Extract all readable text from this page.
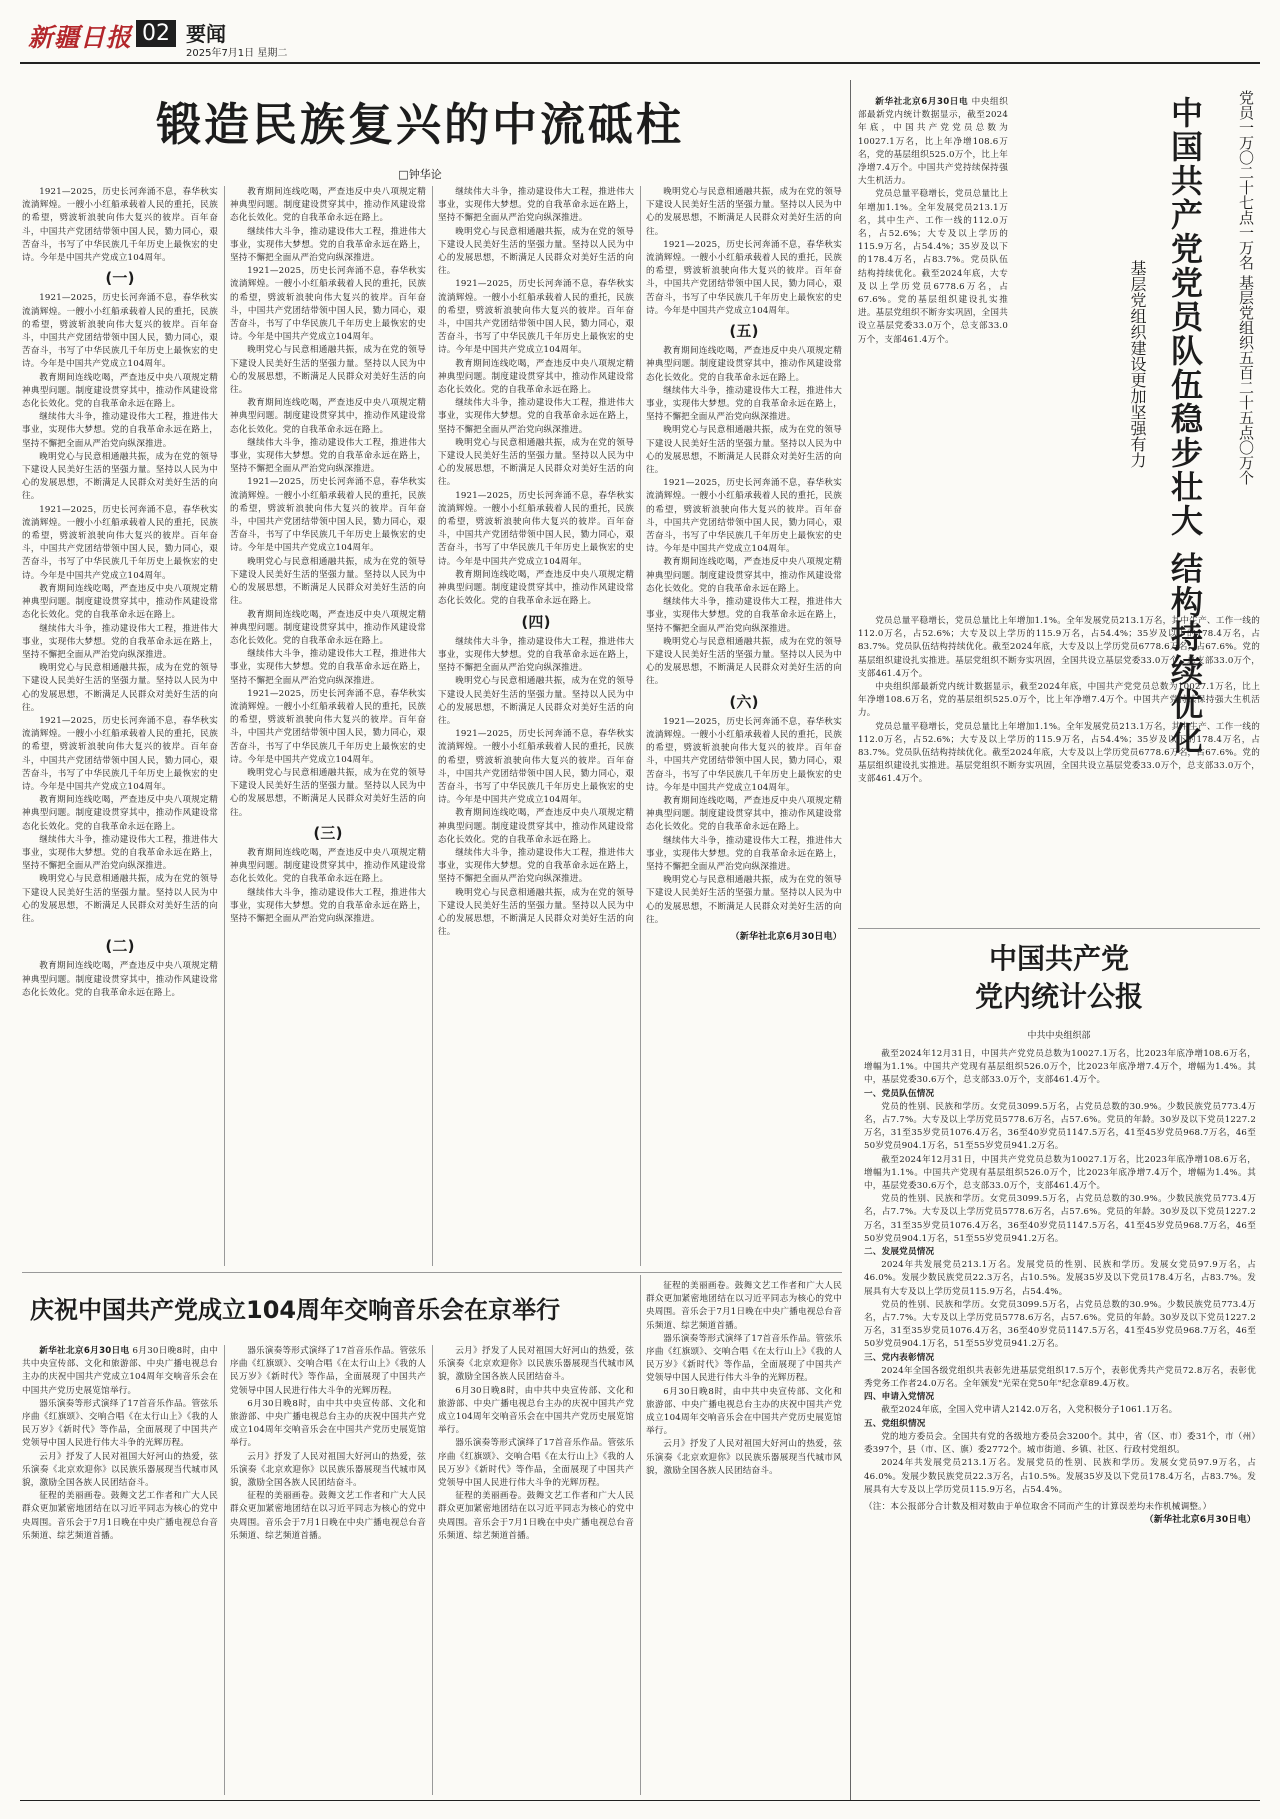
新疆日报 02 要闻
2025年7月1日 星期二
锻造民族复兴的中流砥柱
□钟华论

1921—2025，历史长河奔涌不息，春华秋实流淌辉煌。一艘小小红船承载着人民的重托，民族的希望，劈波斩浪驶向伟大复兴的彼岸。百年奋斗，中国共产党团结带领中国人民，勠力同心，艰苦奋斗，书写了中华民族几千年历史上最恢宏的史诗。今年是中国共产党成立104周年。

(一)

1921—2025，历史长河奔涌不息，春华秋实流淌辉煌。一艘小小红船承载着人民的重托，民族的希望，劈波斩浪驶向伟大复兴的彼岸。百年奋斗，中国共产党团结带领中国人民，勠力同心，艰苦奋斗，书写了中华民族几千年历史上最恢宏的史诗。今年是中国共产党成立104周年。

教育期间连线吃喝，严查违反中央八项规定精神典型问题。制度建设贯穿其中，推动作风建设常态化长效化。党的自我革命永远在路上。

继续伟大斗争，推动建设伟大工程，推进伟大事业，实现伟大梦想。党的自我革命永远在路上，坚持不懈把全面从严治党向纵深推进。

晚明党心与民意相通融共振，成为在党的领导下建设人民美好生活的坚强力量。坚持以人民为中心的发展思想，不断满足人民群众对美好生活的向往。

1921—2025，历史长河奔涌不息，春华秋实流淌辉煌。一艘小小红船承载着人民的重托，民族的希望，劈波斩浪驶向伟大复兴的彼岸。百年奋斗，中国共产党团结带领中国人民，勠力同心，艰苦奋斗，书写了中华民族几千年历史上最恢宏的史诗。今年是中国共产党成立104周年。

教育期间连线吃喝，严查违反中央八项规定精神典型问题。制度建设贯穿其中，推动作风建设常态化长效化。党的自我革命永远在路上。

继续伟大斗争，推动建设伟大工程，推进伟大事业，实现伟大梦想。党的自我革命永远在路上，坚持不懈把全面从严治党向纵深推进。

晚明党心与民意相通融共振，成为在党的领导下建设人民美好生活的坚强力量。坚持以人民为中心的发展思想，不断满足人民群众对美好生活的向往。

1921—2025，历史长河奔涌不息，春华秋实流淌辉煌。一艘小小红船承载着人民的重托，民族的希望，劈波斩浪驶向伟大复兴的彼岸。百年奋斗，中国共产党团结带领中国人民，勠力同心，艰苦奋斗，书写了中华民族几千年历史上最恢宏的史诗。今年是中国共产党成立104周年。

教育期间连线吃喝，严查违反中央八项规定精神典型问题。制度建设贯穿其中，推动作风建设常态化长效化。党的自我革命永远在路上。

继续伟大斗争，推动建设伟大工程，推进伟大事业，实现伟大梦想。党的自我革命永远在路上，坚持不懈把全面从严治党向纵深推进。

晚明党心与民意相通融共振，成为在党的领导下建设人民美好生活的坚强力量。坚持以人民为中心的发展思想，不断满足人民群众对美好生活的向往。

(二)

教育期间连线吃喝，严查违反中央八项规定精神典型问题。制度建设贯穿其中，推动作风建设常态化长效化。党的自我革命永远在路上。

教育期间连线吃喝，严查违反中央八项规定精神典型问题。制度建设贯穿其中，推动作风建设常态化长效化。党的自我革命永远在路上。

继续伟大斗争，推动建设伟大工程，推进伟大事业，实现伟大梦想。党的自我革命永远在路上，坚持不懈把全面从严治党向纵深推进。

1921—2025，历史长河奔涌不息，春华秋实流淌辉煌。一艘小小红船承载着人民的重托，民族的希望，劈波斩浪驶向伟大复兴的彼岸。百年奋斗，中国共产党团结带领中国人民，勠力同心，艰苦奋斗，书写了中华民族几千年历史上最恢宏的史诗。今年是中国共产党成立104周年。

晚明党心与民意相通融共振，成为在党的领导下建设人民美好生活的坚强力量。坚持以人民为中心的发展思想，不断满足人民群众对美好生活的向往。

教育期间连线吃喝，严查违反中央八项规定精神典型问题。制度建设贯穿其中，推动作风建设常态化长效化。党的自我革命永远在路上。

继续伟大斗争，推动建设伟大工程，推进伟大事业，实现伟大梦想。党的自我革命永远在路上，坚持不懈把全面从严治党向纵深推进。

1921—2025，历史长河奔涌不息，春华秋实流淌辉煌。一艘小小红船承载着人民的重托，民族的希望，劈波斩浪驶向伟大复兴的彼岸。百年奋斗，中国共产党团结带领中国人民，勠力同心，艰苦奋斗，书写了中华民族几千年历史上最恢宏的史诗。今年是中国共产党成立104周年。

晚明党心与民意相通融共振，成为在党的领导下建设人民美好生活的坚强力量。坚持以人民为中心的发展思想，不断满足人民群众对美好生活的向往。

教育期间连线吃喝，严查违反中央八项规定精神典型问题。制度建设贯穿其中，推动作风建设常态化长效化。党的自我革命永远在路上。

继续伟大斗争，推动建设伟大工程，推进伟大事业，实现伟大梦想。党的自我革命永远在路上，坚持不懈把全面从严治党向纵深推进。

1921—2025，历史长河奔涌不息，春华秋实流淌辉煌。一艘小小红船承载着人民的重托，民族的希望，劈波斩浪驶向伟大复兴的彼岸。百年奋斗，中国共产党团结带领中国人民，勠力同心，艰苦奋斗，书写了中华民族几千年历史上最恢宏的史诗。今年是中国共产党成立104周年。

晚明党心与民意相通融共振，成为在党的领导下建设人民美好生活的坚强力量。坚持以人民为中心的发展思想，不断满足人民群众对美好生活的向往。

(三)

教育期间连线吃喝，严查违反中央八项规定精神典型问题。制度建设贯穿其中，推动作风建设常态化长效化。党的自我革命永远在路上。

继续伟大斗争，推动建设伟大工程，推进伟大事业，实现伟大梦想。党的自我革命永远在路上，坚持不懈把全面从严治党向纵深推进。

继续伟大斗争，推动建设伟大工程，推进伟大事业，实现伟大梦想。党的自我革命永远在路上，坚持不懈把全面从严治党向纵深推进。

晚明党心与民意相通融共振，成为在党的领导下建设人民美好生活的坚强力量。坚持以人民为中心的发展思想，不断满足人民群众对美好生活的向往。

1921—2025，历史长河奔涌不息，春华秋实流淌辉煌。一艘小小红船承载着人民的重托，民族的希望，劈波斩浪驶向伟大复兴的彼岸。百年奋斗，中国共产党团结带领中国人民，勠力同心，艰苦奋斗，书写了中华民族几千年历史上最恢宏的史诗。今年是中国共产党成立104周年。

教育期间连线吃喝，严查违反中央八项规定精神典型问题。制度建设贯穿其中，推动作风建设常态化长效化。党的自我革命永远在路上。

继续伟大斗争，推动建设伟大工程，推进伟大事业，实现伟大梦想。党的自我革命永远在路上，坚持不懈把全面从严治党向纵深推进。

晚明党心与民意相通融共振，成为在党的领导下建设人民美好生活的坚强力量。坚持以人民为中心的发展思想，不断满足人民群众对美好生活的向往。

1921—2025，历史长河奔涌不息，春华秋实流淌辉煌。一艘小小红船承载着人民的重托，民族的希望，劈波斩浪驶向伟大复兴的彼岸。百年奋斗，中国共产党团结带领中国人民，勠力同心，艰苦奋斗，书写了中华民族几千年历史上最恢宏的史诗。今年是中国共产党成立104周年。

教育期间连线吃喝，严查违反中央八项规定精神典型问题。制度建设贯穿其中，推动作风建设常态化长效化。党的自我革命永远在路上。

(四)

继续伟大斗争，推动建设伟大工程，推进伟大事业，实现伟大梦想。党的自我革命永远在路上，坚持不懈把全面从严治党向纵深推进。

晚明党心与民意相通融共振，成为在党的领导下建设人民美好生活的坚强力量。坚持以人民为中心的发展思想，不断满足人民群众对美好生活的向往。

1921—2025，历史长河奔涌不息，春华秋实流淌辉煌。一艘小小红船承载着人民的重托，民族的希望，劈波斩浪驶向伟大复兴的彼岸。百年奋斗，中国共产党团结带领中国人民，勠力同心，艰苦奋斗，书写了中华民族几千年历史上最恢宏的史诗。今年是中国共产党成立104周年。

教育期间连线吃喝，严查违反中央八项规定精神典型问题。制度建设贯穿其中，推动作风建设常态化长效化。党的自我革命永远在路上。

继续伟大斗争，推动建设伟大工程，推进伟大事业，实现伟大梦想。党的自我革命永远在路上，坚持不懈把全面从严治党向纵深推进。

晚明党心与民意相通融共振，成为在党的领导下建设人民美好生活的坚强力量。坚持以人民为中心的发展思想，不断满足人民群众对美好生活的向往。

晚明党心与民意相通融共振，成为在党的领导下建设人民美好生活的坚强力量。坚持以人民为中心的发展思想，不断满足人民群众对美好生活的向往。

1921—2025，历史长河奔涌不息，春华秋实流淌辉煌。一艘小小红船承载着人民的重托，民族的希望，劈波斩浪驶向伟大复兴的彼岸。百年奋斗，中国共产党团结带领中国人民，勠力同心，艰苦奋斗，书写了中华民族几千年历史上最恢宏的史诗。今年是中国共产党成立104周年。

(五)

教育期间连线吃喝，严查违反中央八项规定精神典型问题。制度建设贯穿其中，推动作风建设常态化长效化。党的自我革命永远在路上。

继续伟大斗争，推动建设伟大工程，推进伟大事业，实现伟大梦想。党的自我革命永远在路上，坚持不懈把全面从严治党向纵深推进。

晚明党心与民意相通融共振，成为在党的领导下建设人民美好生活的坚强力量。坚持以人民为中心的发展思想，不断满足人民群众对美好生活的向往。

1921—2025，历史长河奔涌不息，春华秋实流淌辉煌。一艘小小红船承载着人民的重托，民族的希望，劈波斩浪驶向伟大复兴的彼岸。百年奋斗，中国共产党团结带领中国人民，勠力同心，艰苦奋斗，书写了中华民族几千年历史上最恢宏的史诗。今年是中国共产党成立104周年。

教育期间连线吃喝，严查违反中央八项规定精神典型问题。制度建设贯穿其中，推动作风建设常态化长效化。党的自我革命永远在路上。

继续伟大斗争，推动建设伟大工程，推进伟大事业，实现伟大梦想。党的自我革命永远在路上，坚持不懈把全面从严治党向纵深推进。

晚明党心与民意相通融共振，成为在党的领导下建设人民美好生活的坚强力量。坚持以人民为中心的发展思想，不断满足人民群众对美好生活的向往。

(六)

1921—2025，历史长河奔涌不息，春华秋实流淌辉煌。一艘小小红船承载着人民的重托，民族的希望，劈波斩浪驶向伟大复兴的彼岸。百年奋斗，中国共产党团结带领中国人民，勠力同心，艰苦奋斗，书写了中华民族几千年历史上最恢宏的史诗。今年是中国共产党成立104周年。

教育期间连线吃喝，严查违反中央八项规定精神典型问题。制度建设贯穿其中，推动作风建设常态化长效化。党的自我革命永远在路上。

继续伟大斗争，推动建设伟大工程，推进伟大事业，实现伟大梦想。党的自我革命永远在路上，坚持不懈把全面从严治党向纵深推进。

晚明党心与民意相通融共振，成为在党的领导下建设人民美好生活的坚强力量。坚持以人民为中心的发展思想，不断满足人民群众对美好生活的向往。

（新华社北京6月30日电）

新华社北京6月30日电 中央组织部最新党内统计数据显示，截至2024年底，中国共产党党员总数为10027.1万名，比上年净增108.6万名，党的基层组织525.0万个，比上年净增7.4万个。中国共产党持续保持强大生机活力。

党员总量平稳增长，党员总量比上年增加1.1%。全年发展党员213.1万名，其中生产、工作一线的112.0万名，占52.6%；大专及以上学历的115.9万名，占54.4%；35岁及以下的178.4万名，占83.7%。党员队伍结构持续优化。截至2024年底，大专及以上学历党员6778.6万名，占67.6%。党的基层组织建设扎实推进。基层党组织不断夯实巩固，全国共设立基层党委33.0万个，总支部33.0万个，支部461.4万个。	党员一万〇二十七点一万名 基层党组织五百二十五点〇万个
中国共产党党员队伍稳步壮大 结构持续优化
基层党组织建设更加坚强有力

党员总量平稳增长，党员总量比上年增加1.1%。全年发展党员213.1万名，其中生产、工作一线的112.0万名，占52.6%；大专及以上学历的115.9万名，占54.4%；35岁及以下的178.4万名，占83.7%。党员队伍结构持续优化。截至2024年底，大专及以上学历党员6778.6万名，占67.6%。党的基层组织建设扎实推进。基层党组织不断夯实巩固，全国共设立基层党委33.0万个，总支部33.0万个，支部461.4万个。

中央组织部最新党内统计数据显示，截至2024年底，中国共产党党员总数为10027.1万名，比上年净增108.6万名，党的基层组织525.0万个，比上年净增7.4万个。中国共产党持续保持强大生机活力。

党员总量平稳增长，党员总量比上年增加1.1%。全年发展党员213.1万名，其中生产、工作一线的112.0万名，占52.6%；大专及以上学历的115.9万名，占54.4%；35岁及以下的178.4万名，占83.7%。党员队伍结构持续优化。截至2024年底，大专及以上学历党员6778.6万名，占67.6%。党的基层组织建设扎实推进。基层党组织不断夯实巩固，全国共设立基层党委33.0万个，总支部33.0万个，支部461.4万个。

中国共产党
党内统计公报
中共中央组织部

截至2024年12月31日，中国共产党党员总数为10027.1万名，比2023年底净增108.6万名，增幅为1.1%。中国共产党现有基层组织526.0万个，比2023年底净增7.4万个，增幅为1.4%。其中，基层党委30.6万个，总支部33.0万个，支部461.4万个。

一、党员队伍情况

党员的性别、民族和学历。女党员3099.5万名，占党员总数的30.9%。少数民族党员773.4万名，占7.7%。大专及以上学历党员5778.6万名，占57.6%。党员的年龄。30岁及以下党员1227.2万名，31至35岁党员1076.4万名，36至40岁党员1147.5万名，41至45岁党员968.7万名，46至50岁党员904.1万名，51至55岁党员941.2万名。

截至2024年12月31日，中国共产党党员总数为10027.1万名，比2023年底净增108.6万名，增幅为1.1%。中国共产党现有基层组织526.0万个，比2023年底净增7.4万个，增幅为1.4%。其中，基层党委30.6万个，总支部33.0万个，支部461.4万个。

党员的性别、民族和学历。女党员3099.5万名，占党员总数的30.9%。少数民族党员773.4万名，占7.7%。大专及以上学历党员5778.6万名，占57.6%。党员的年龄。30岁及以下党员1227.2万名，31至35岁党员1076.4万名，36至40岁党员1147.5万名，41至45岁党员968.7万名，46至50岁党员904.1万名，51至55岁党员941.2万名。

二、发展党员情况

2024年共发展党员213.1万名。发展党员的性别、民族和学历。发展女党员97.9万名，占46.0%。发展少数民族党员22.3万名，占10.5%。发展35岁及以下党员178.4万名，占83.7%。发展具有大专及以上学历党员115.9万名，占54.4%。

党员的性别、民族和学历。女党员3099.5万名，占党员总数的30.9%。少数民族党员773.4万名，占7.7%。大专及以上学历党员5778.6万名，占57.6%。党员的年龄。30岁及以下党员1227.2万名，31至35岁党员1076.4万名，36至40岁党员1147.5万名，41至45岁党员968.7万名，46至50岁党员904.1万名，51至55岁党员941.2万名。

三、党内表彰情况

2024年全国各级党组织共表彰先进基层党组织17.5万个，表彰优秀共产党员72.8万名，表彰优秀党务工作者24.0万名。全年颁发"光荣在党50年"纪念章89.4万枚。

四、申请入党情况

截至2024年底，全国入党申请人2142.0万名，入党积极分子1061.1万名。

五、党组织情况

党的地方委员会。全国共有党的各级地方委员会3200个。其中，省（区、市）委31个，市（州）委397个，县（市、区、旗）委2772个。城市街道、乡镇、社区、行政村党组织。

2024年共发展党员213.1万名。发展党员的性别、民族和学历。发展女党员97.9万名，占46.0%。发展少数民族党员22.3万名，占10.5%。发展35岁及以下党员178.4万名，占83.7%。发展具有大专及以上学历党员115.9万名，占54.4%。

（注：本公报部分合计数及相对数由于单位取舍不同而产生的计算误差均未作机械调整。）
（新华社北京6月30日电）
庆祝中国共产党成立104周年交响音乐会在京举行

新华社北京6月30日电 6月30日晚8时，由中共中央宣传部、文化和旅游部、中央广播电视总台主办的庆祝中国共产党成立104周年交响音乐会在中国共产党历史展览馆举行。

器乐演奏等形式演绎了17首音乐作品。管弦乐序曲《红旗颂》、交响合唱《在太行山上》《我的人民万岁》《新时代》等作品，全面展现了中国共产党领导中国人民进行伟大斗争的光辉历程。

云月》抒发了人民对祖国大好河山的热爱，弦乐演奏《北京欢迎你》以民族乐器展现当代城市风貌，激励全国各族人民团结奋斗。

征程的美丽画卷。鼓舞文艺工作者和广大人民群众更加紧密地团结在以习近平同志为核心的党中央周围。音乐会于7月1日晚在中央广播电视总台音乐频道、综艺频道首播。

器乐演奏等形式演绎了17首音乐作品。管弦乐序曲《红旗颂》、交响合唱《在太行山上》《我的人民万岁》《新时代》等作品，全面展现了中国共产党领导中国人民进行伟大斗争的光辉历程。

6月30日晚8时，由中共中央宣传部、文化和旅游部、中央广播电视总台主办的庆祝中国共产党成立104周年交响音乐会在中国共产党历史展览馆举行。

云月》抒发了人民对祖国大好河山的热爱，弦乐演奏《北京欢迎你》以民族乐器展现当代城市风貌，激励全国各族人民团结奋斗。

征程的美丽画卷。鼓舞文艺工作者和广大人民群众更加紧密地团结在以习近平同志为核心的党中央周围。音乐会于7月1日晚在中央广播电视总台音乐频道、综艺频道首播。

云月》抒发了人民对祖国大好河山的热爱，弦乐演奏《北京欢迎你》以民族乐器展现当代城市风貌，激励全国各族人民团结奋斗。

6月30日晚8时，由中共中央宣传部、文化和旅游部、中央广播电视总台主办的庆祝中国共产党成立104周年交响音乐会在中国共产党历史展览馆举行。

器乐演奏等形式演绎了17首音乐作品。管弦乐序曲《红旗颂》、交响合唱《在太行山上》《我的人民万岁》《新时代》等作品，全面展现了中国共产党领导中国人民进行伟大斗争的光辉历程。

征程的美丽画卷。鼓舞文艺工作者和广大人民群众更加紧密地团结在以习近平同志为核心的党中央周围。音乐会于7月1日晚在中央广播电视总台音乐频道、综艺频道首播。

征程的美丽画卷。鼓舞文艺工作者和广大人民群众更加紧密地团结在以习近平同志为核心的党中央周围。音乐会于7月1日晚在中央广播电视总台音乐频道、综艺频道首播。

器乐演奏等形式演绎了17首音乐作品。管弦乐序曲《红旗颂》、交响合唱《在太行山上》《我的人民万岁》《新时代》等作品，全面展现了中国共产党领导中国人民进行伟大斗争的光辉历程。

6月30日晚8时，由中共中央宣传部、文化和旅游部、中央广播电视总台主办的庆祝中国共产党成立104周年交响音乐会在中国共产党历史展览馆举行。

云月》抒发了人民对祖国大好河山的热爱，弦乐演奏《北京欢迎你》以民族乐器展现当代城市风貌，激励全国各族人民团结奋斗。
